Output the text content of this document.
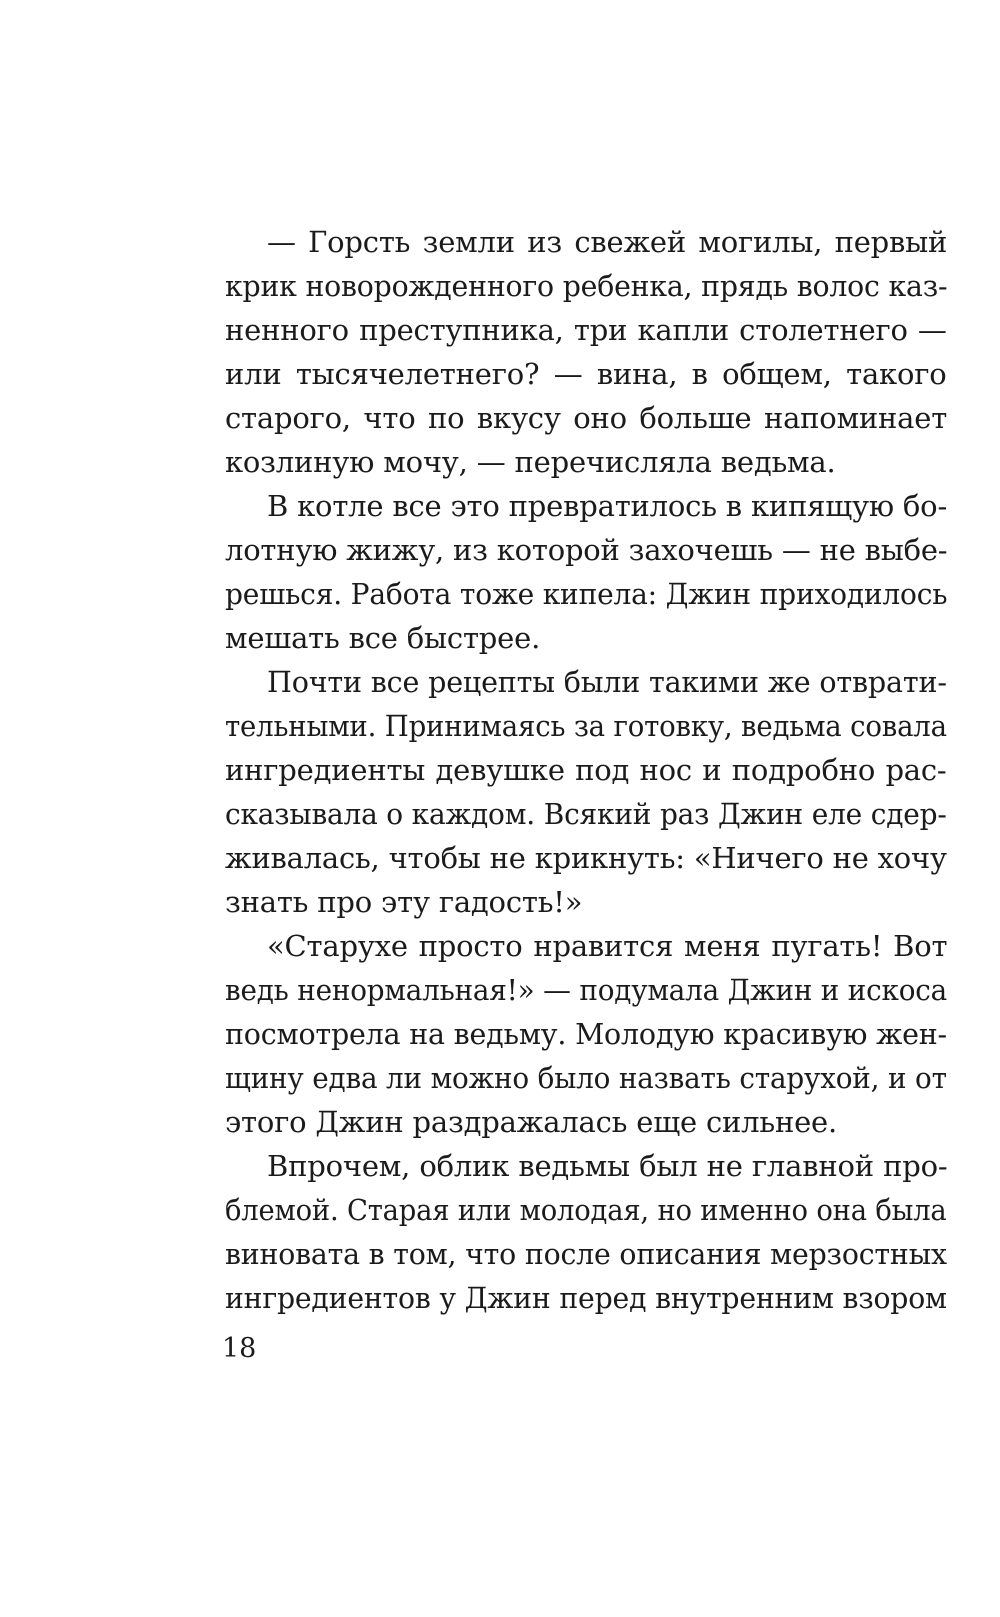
— Горсть земли из свежей могилы, первый
крик новорожденного ребенка, прядь волос каз-
ненного преступника, три капли столетнего —
или тысячелетнего? — вина, в общем, такого
старого, что по вкусу оно больше напоминает
козлиную мочу, — перечисляла ведьма.
В котле все это превратилось в кипящую бо-
лотную жижу, из которой захочешь — не выбе-
решься. Работа тоже кипела: Джин приходилось
мешать все быстрее.
Почти все рецепты были такими же отврати-
тельными. Принимаясь за готовку, ведьма совала
ингредиенты девушке под нос и подробно рас-
сказывала о каждом. Всякий раз Джин еле сдер-
живалась, чтобы не крикнуть: «Ничего не хочу
знать про эту гадость!»
«Старухе просто нравится меня пугать! Вот
ведь ненормальная!» — подумала Джин и искоса
посмотрела на ведьму. Молодую красивую жен-
щину едва ли можно было назвать старухой, и от
этого Джин раздражалась еще сильнее.
Впрочем, облик ведьмы был не главной про-
блемой. Старая или молодая, но именно она была
виновата в том, что после описания мерзостных
ингредиентов у Джин перед внутренним взором
18
